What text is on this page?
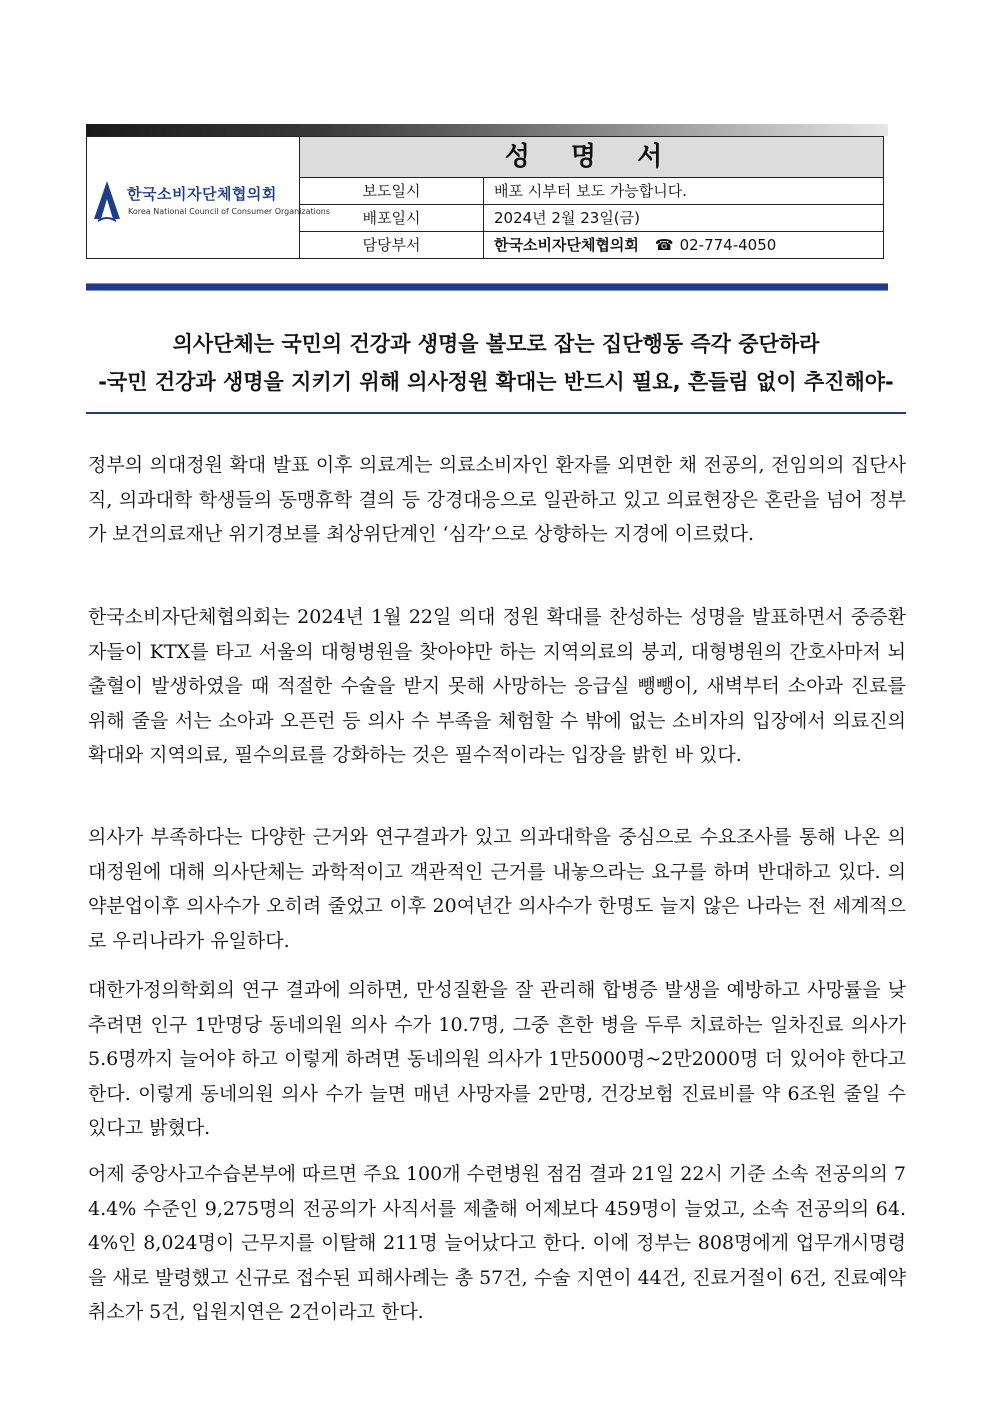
한국소비자단체협의회
Korea National Council of Consumer Organizations
성 명 서
보도일시	배포 시부터 보도 가능합니다.
배포일시	2024년 2월 23일(금)
담당부서	한국소비자단체협의회 ☎ 02-774-4050
의사단체는 국민의 건강과 생명을 볼모로 잡는 집단행동 즉각 중단하라
-국민 건강과 생명을 지키기 위해 의사정원 확대는 반드시 필요, 흔들림 없이 추진해야-

정부의 의대정원 확대 발표 이후 의료계는 의료소비자인 환자를 외면한 채 전공의, 전임의의 집단사직, 의과대학 학생들의 동맹휴학 결의 등 강경대응으로 일관하고 있고 의료현장은 혼란을 넘어 정부가 보건의료재난 위기경보를 최상위단계인 ‘심각’으로 상향하는 지경에 이르렀다.

한국소비자단체협의회는 2024년 1월 22일 의대 정원 확대를 찬성하는 성명을 발표하면서 중증환자들이 KTX를 타고 서울의 대형병원을 찾아야만 하는 지역의료의 붕괴, 대형병원의 간호사마저 뇌출혈이 발생하였을 때 적절한 수술을 받지 못해 사망하는 응급실 뺑뺑이, 새벽부터 소아과 진료를 위해 줄을 서는 소아과 오픈런 등 의사 수 부족을 체험할 수 밖에 없는 소비자의 입장에서 의료진의 확대와 지역의료, 필수의료를 강화하는 것은 필수적이라는 입장을 밝힌 바 있다.

의사가 부족하다는 다양한 근거와 연구결과가 있고 의과대학을 중심으로 수요조사를 통해 나온 의대정원에 대해 의사단체는 과학적이고 객관적인 근거를 내놓으라는 요구를 하며 반대하고 있다. 의약분업이후 의사수가 오히려 줄었고 이후 20여년간 의사수가 한명도 늘지 않은 나라는 전 세계적으로 우리나라가 유일하다.

대한가정의학회의 연구 결과에 의하면, 만성질환을 잘 관리해 합병증 발생을 예방하고 사망률을 낮추려면 인구 1만명당 동네의원 의사 수가 10.7명, 그중 흔한 병을 두루 치료하는 일차진료 의사가 5.6명까지 늘어야 하고 이렇게 하려면 동네의원 의사가 1만5000명~2만2000명 더 있어야 한다고 한다. 이렇게 동네의원 의사 수가 늘면 매년 사망자를 2만명, 건강보험 진료비를 약 6조원 줄일 수 있다고 밝혔다.

어제 중앙사고수습본부에 따르면 주요 100개 수련병원 점검 결과 21일 22시 기준 소속 전공의의 74.4% 수준인 9,275명의 전공의가 사직서를 제출해 어제보다 459명이 늘었고, 소속 전공의의 64.4%인 8,024명이 근무지를 이탈해 211명 늘어났다고 한다. 이에 정부는 808명에게 업무개시명령을 새로 발령했고 신규로 접수된 피해사례는 총 57건, 수술 지연이 44건, 진료거절이 6건, 진료예약 취소가 5건, 입원지연은 2건이라고 한다.
